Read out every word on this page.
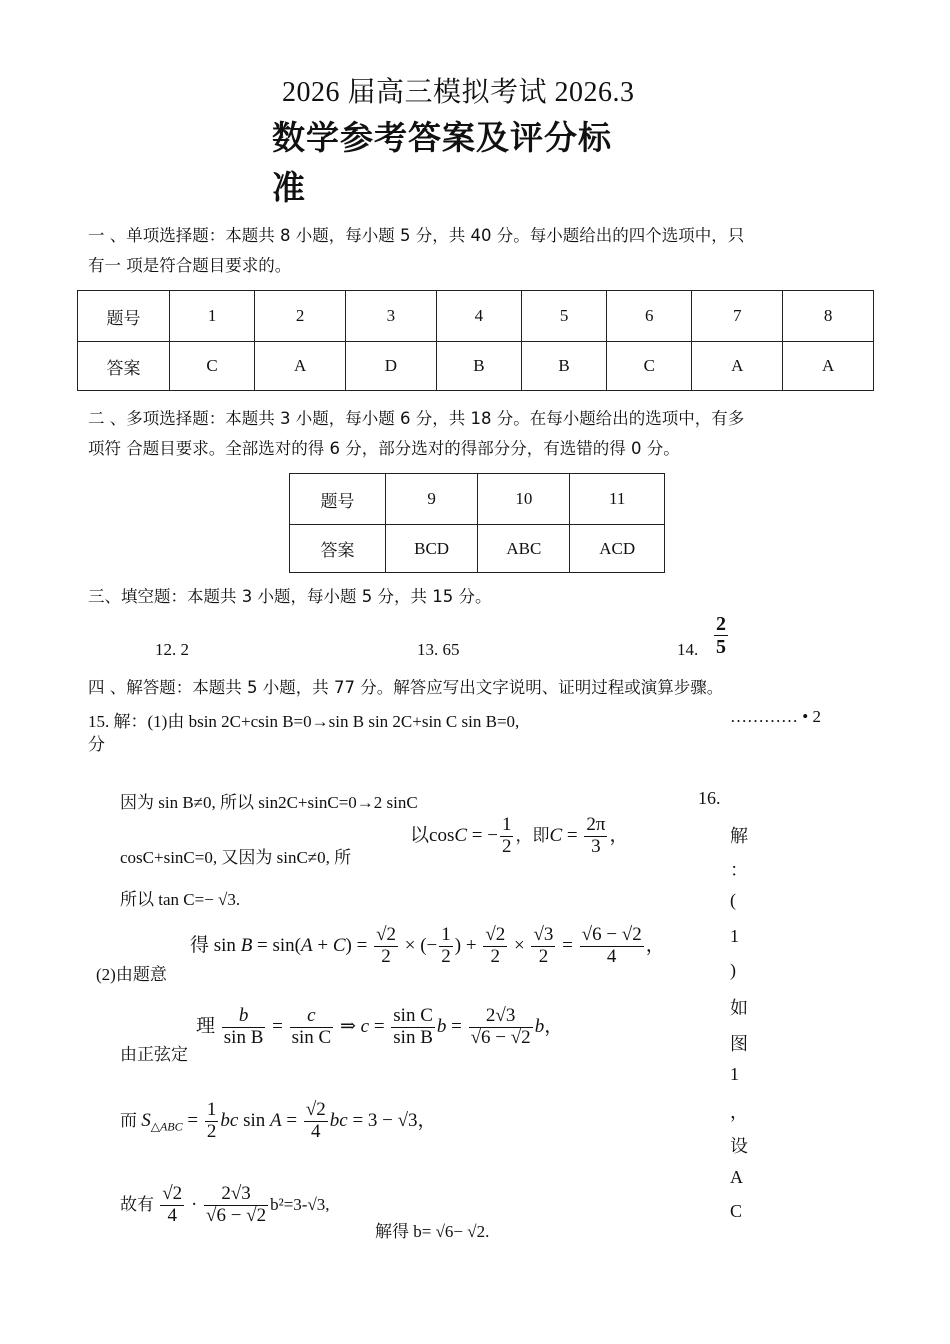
2026 届高三模拟考试 2026.3
数学参考答案及评分标
准
一 、单项选择题：本题共 8 小题，每小题 5 分，共 40 分。每小题给出的四个选项中，只
有一 项是符合题目要求的。
题号	1	2	3	4	5	6	7	8
答案	C	A	D	B	B	C	A	A
二 、多项选择题：本题共 3 小题，每小题 6 分，共 18 分。在每小题给出的选项中，有多
项符 合题目要求。全部选对的得 6 分，部分选对的得部分分，有选错的得 0 分。
题号	9	10	11
答案	BCD	ABC	ACD
三、填空题：本题共 3 小题，每小题 5 分，共 15 分。
12. 2	13. 65	14. $\frac{2}{5}$
四 、解答题：本题共 5 小题，共 77 分。解答应写出文字说明、证明过程或演算步骤。
15. 解：(1)由 bsin 2C+csin B=0→sin B sin 2C+sin C sin B=0,	………… • 2
分
因为 sin B≠0, 所以 sin2C+sinC=0→2 sinC
cosC+sinC=0, 又因为 sinC≠0, 所
以cosC = − $\frac{1}{2}$ ，即$C = \frac{2\pi}{3}$ ，
所以 tan C=− √3.
(2)由题意
得 $\sin B = \sin(A + C) = \frac{√2}{2}$ × (− $\frac{1}{2}$ ) + $\frac{√2}{2} \times \frac{√3}{2} = \frac{√6 - √2}{4}$ ，
由正弦定
理 $\frac{b}{\text{sin B}} = \frac{c}{\text{sin C}}$ ⇒ $c = \frac{\text{sin C}}{\text{sin B}}$ $b = \frac{2√3}{√6 - √2}$ b，
而 $S_{\triangle ABC} = \frac{1}{2}$ bc $\sin A = \frac{√2}{4}$ bc = 3 − √3，
故有 $\frac{√2}{4} \cdot \frac{2√3}{√6 - √2} b^2=3-√3$,
解得 b= √6− √2.
16.
解
：
(
1
)
如
图
1
，
设
A
C
